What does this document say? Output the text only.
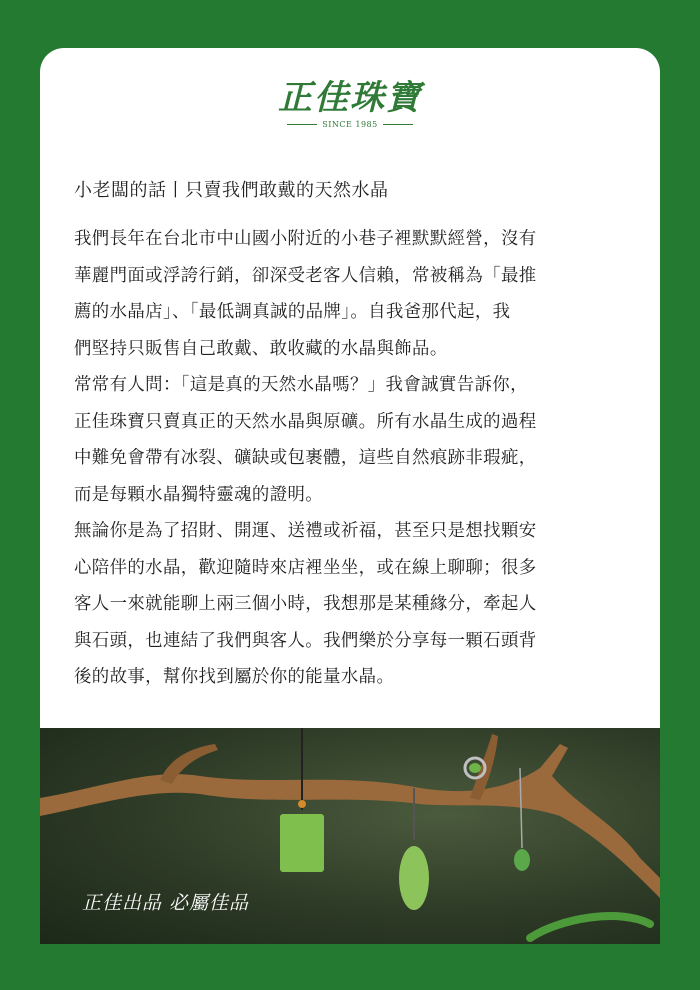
正佳珠寶
SINCE 1985
小老闆的話丨只賣我們敢戴的天然水晶
我們長年在台北市中山國小附近的小巷子裡默默經營，沒有
華麗門面或浮誇行銷，卻深受老客人信賴，常被稱為「最推
薦的水晶店」、「最低調真誠的品牌」。自我爸那代起，我
們堅持只販售自己敢戴、敢收藏的水晶與飾品。
常常有人問：「這是真的天然水晶嗎？」我會誠實告訴你，
正佳珠寶只賣真正的天然水晶與原礦。所有水晶生成的過程
中難免會帶有冰裂、礦缺或包裹體，這些自然痕跡非瑕疵，
而是每顆水晶獨特靈魂的證明。
無論你是為了招財、開運、送禮或祈福，甚至只是想找顆安
心陪伴的水晶，歡迎隨時來店裡坐坐，或在線上聊聊；很多
客人一來就能聊上兩三個小時，我想那是某種緣分，牽起人
與石頭，也連結了我們與客人。我們樂於分享每一顆石頭背
後的故事，幫你找到屬於你的能量水晶。
正佳出品 必屬佳品
